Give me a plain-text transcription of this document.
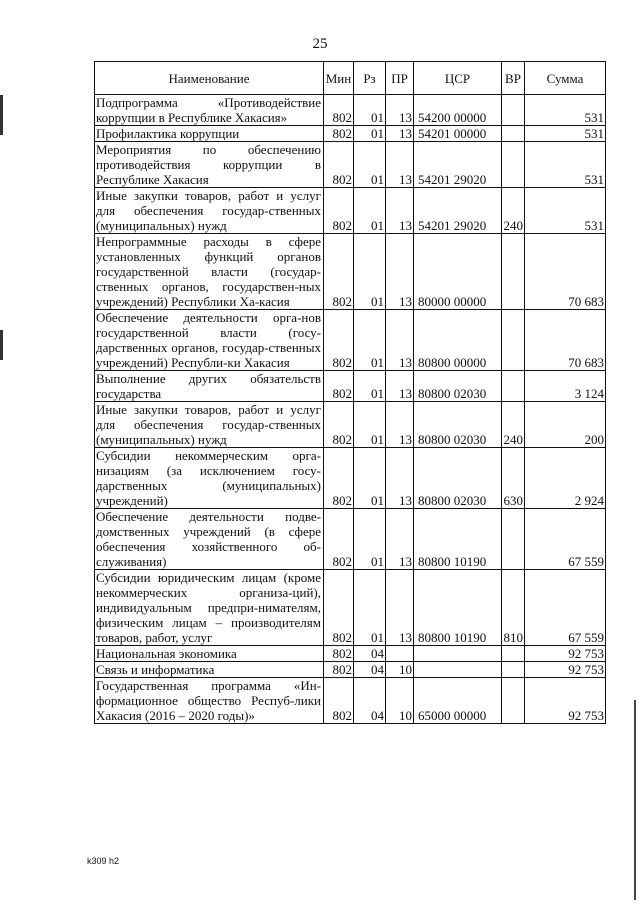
25
Наименование	Мин	Рз	ПР	ЦСР	ВР	Сумма
Подпрограмма «Противодействие коррупции в Республике Хакасия»	802	01	13	54200 00000		531
Профилактика коррупции	802	01	13	54201 00000		531
Мероприятия по обеспечению противодействия коррупции в Республике Хакасия	802	01	13	54201 29020		531
Иные закупки товаров, работ и услуг для обеспечения государ-ственных (муниципальных) нужд	802	01	13	54201 29020	240	531
Непрограммные расходы в сфере установленных функций органов государственной власти (государ-ственных органов, государствен-ных учреждений) Республики Ха-касия	802	01	13	80000 00000		70 683
Обеспечение деятельности орга-нов государственной власти (госу-дарственных органов, государ-ственных учреждений) Республи-ки Хакасия	802	01	13	80800 00000		70 683
Выполнение других обязательств государства	802	01	13	80800 02030		3 124
Иные закупки товаров, работ и услуг для обеспечения государ-ственных (муниципальных) нужд	802	01	13	80800 02030	240	200
Субсидии некоммерческим орга-низациям (за исключением госу-дарственных (муниципальных) учреждений)	802	01	13	80800 02030	630	2 924
Обеспечение деятельности подве-домственных учреждений (в сфере обеспечения хозяйственного об-служивания)	802	01	13	80800 10190		67 559
Субсидии юридическим лицам (кроме некоммерческих организа-ций), индивидуальным предпри-нимателям, физическим лицам – производителям товаров, работ, услуг	802	01	13	80800 10190	810	67 559
Национальная экономика	802	04				92 753
Связь и информатика	802	04	10			92 753
Государственная программа «Ин-формационное общество Респуб-лики Хакасия (2016 – 2020 годы)»	802	04	10	65000 00000		92 753
k309 h2
